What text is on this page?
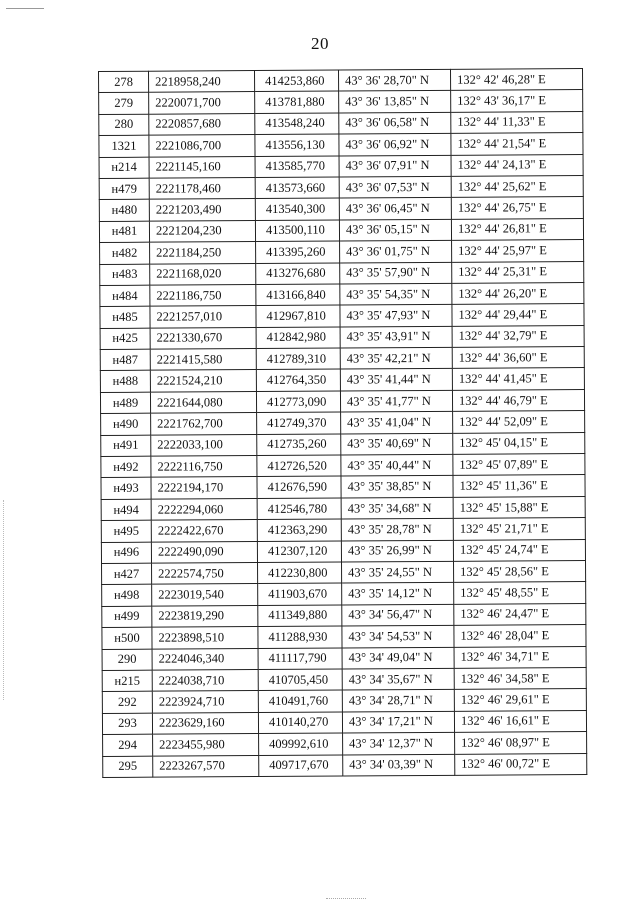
20
278	2218958,240	414253,860	43° 36' 28,70" N	132° 42' 46,28" E
279	2220071,700	413781,880	43° 36' 13,85" N	132° 43' 36,17" E
280	2220857,680	413548,240	43° 36' 06,58" N	132° 44' 11,33" E
1321	2221086,700	413556,130	43° 36' 06,92" N	132° 44' 21,54" E
н214	2221145,160	413585,770	43° 36' 07,91" N	132° 44' 24,13" E
н479	2221178,460	413573,660	43° 36' 07,53" N	132° 44' 25,62" E
н480	2221203,490	413540,300	43° 36' 06,45" N	132° 44' 26,75" E
н481	2221204,230	413500,110	43° 36' 05,15" N	132° 44' 26,81" E
н482	2221184,250	413395,260	43° 36' 01,75" N	132° 44' 25,97" E
н483	2221168,020	413276,680	43° 35' 57,90" N	132° 44' 25,31" E
н484	2221186,750	413166,840	43° 35' 54,35" N	132° 44' 26,20" E
н485	2221257,010	412967,810	43° 35' 47,93" N	132° 44' 29,44" E
н425	2221330,670	412842,980	43° 35' 43,91" N	132° 44' 32,79" E
н487	2221415,580	412789,310	43° 35' 42,21" N	132° 44' 36,60" E
н488	2221524,210	412764,350	43° 35' 41,44" N	132° 44' 41,45" E
н489	2221644,080	412773,090	43° 35' 41,77" N	132° 44' 46,79" E
н490	2221762,700	412749,370	43° 35' 41,04" N	132° 44' 52,09" E
н491	2222033,100	412735,260	43° 35' 40,69" N	132° 45' 04,15" E
н492	2222116,750	412726,520	43° 35' 40,44" N	132° 45' 07,89" E
н493	2222194,170	412676,590	43° 35' 38,85" N	132° 45' 11,36" E
н494	2222294,060	412546,780	43° 35' 34,68" N	132° 45' 15,88" E
н495	2222422,670	412363,290	43° 35' 28,78" N	132° 45' 21,71" E
н496	2222490,090	412307,120	43° 35' 26,99" N	132° 45' 24,74" E
н427	2222574,750	412230,800	43° 35' 24,55" N	132° 45' 28,56" E
н498	2223019,540	411903,670	43° 35' 14,12" N	132° 45' 48,55" E
н499	2223819,290	411349,880	43° 34' 56,47" N	132° 46' 24,47" E
н500	2223898,510	411288,930	43° 34' 54,53" N	132° 46' 28,04" E
290	2224046,340	411117,790	43° 34' 49,04" N	132° 46' 34,71" E
н215	2224038,710	410705,450	43° 34' 35,67" N	132° 46' 34,58" E
292	2223924,710	410491,760	43° 34' 28,71" N	132° 46' 29,61" E
293	2223629,160	410140,270	43° 34' 17,21" N	132° 46' 16,61" E
294	2223455,980	409992,610	43° 34' 12,37" N	132° 46' 08,97" E
295	2223267,570	409717,670	43° 34' 03,39" N	132° 46' 00,72" E
